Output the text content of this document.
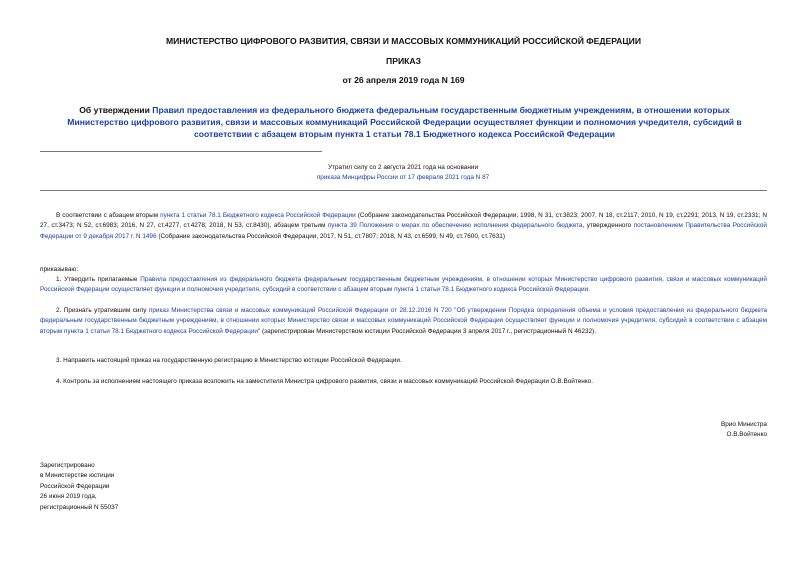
МИНИСТЕРСТВО ЦИФРОВОГО РАЗВИТИЯ, СВЯЗИ И МАССОВЫХ КОММУНИКАЦИЙ РОССИЙСКОЙ ФЕДЕРАЦИИ
ПРИКАЗ
от 26 апреля 2019 года N 169
Об утверждении Правил предоставления из федерального бюджета федеральным государственным бюджетным учреждениям, в отношении которых Министерство цифрового развития, связи и массовых коммуникаций Российской Федерации осуществляет функции и полномочия учредителя, субсидий в соответствии с абзацем вторым пункта 1 статьи 78.1 Бюджетного кодекса Российской Федерации
Утратил силу со 2 августа 2021 года на основании
приказа Минцифры России от 17 февраля 2021 года N 87
В соответствии с абзацем вторым пункта 1 статьи 78.1 Бюджетного кодекса Российской Федерации (Собрание законодательства Российской Федерации, 1998, N 31, ст.3823; 2007, N 18, ст.2117; 2010, N 19, ст.2291; 2013, N 19, ст.2331; N 27, ст.3473; N 52, ст.6983; 2016, N 27, ст.4277, ст.4278; 2018, N 53, ст.8430), абзацем третьим пункта 39 Положения о мерах по обеспечению исполнения федерального бюджета, утвержденного постановлением Правительства Российской Федерации от 9 декабря 2017 г. N 1496 (Собрание законодательства Российской Федерации, 2017, N 51, ст.7807; 2018, N 43, ст.6599; N 49, ст.7600, ст.7631)
приказываю:
1. Утвердить прилагаемые Правила предоставления из федерального бюджета федеральным государственным бюджетным учреждениям, в отношении которых Министерство цифрового развития, связи и массовых коммуникаций Российской Федерации осуществляет функции и полномочия учредителя, субсидий в соответствии с абзацем вторым пункта 1 статьи 78.1 Бюджетного кодекса Российской Федерации.
2. Признать утратившим силу приказ Министерства связи и массовых коммуникаций Российской Федерации от 28.12.2016 N 720 "Об утверждении Порядка определения объема и условия предоставления из федерального бюджета федеральным государственным бюджетным учреждениям, в отношении которых Министерство связи и массовых коммуникаций Российской Федерации осуществляет функции и полномочия учредителя, субсидий в соответствии с абзацем вторым пункта 1 статьи 78.1 Бюджетного кодекса Российской Федерации" (зарегистрирован Министерством юстиции Российской Федерации 3 апреля 2017 г., регистрационный N 46232).
3. Направить настоящий приказ на государственную регистрацию в Министерство юстиции Российской Федерации.
4. Контроль за исполнением настоящего приказа возложить на заместителя Министра цифрового развития, связи и массовых коммуникаций Российской Федерации О.В.Войтенко.
Врио Министра
О.В.Войтенко
Зарегистрировано
в Министерстве юстиции
Российской Федерации
26 июня 2019 года,
регистрационный N 55037
